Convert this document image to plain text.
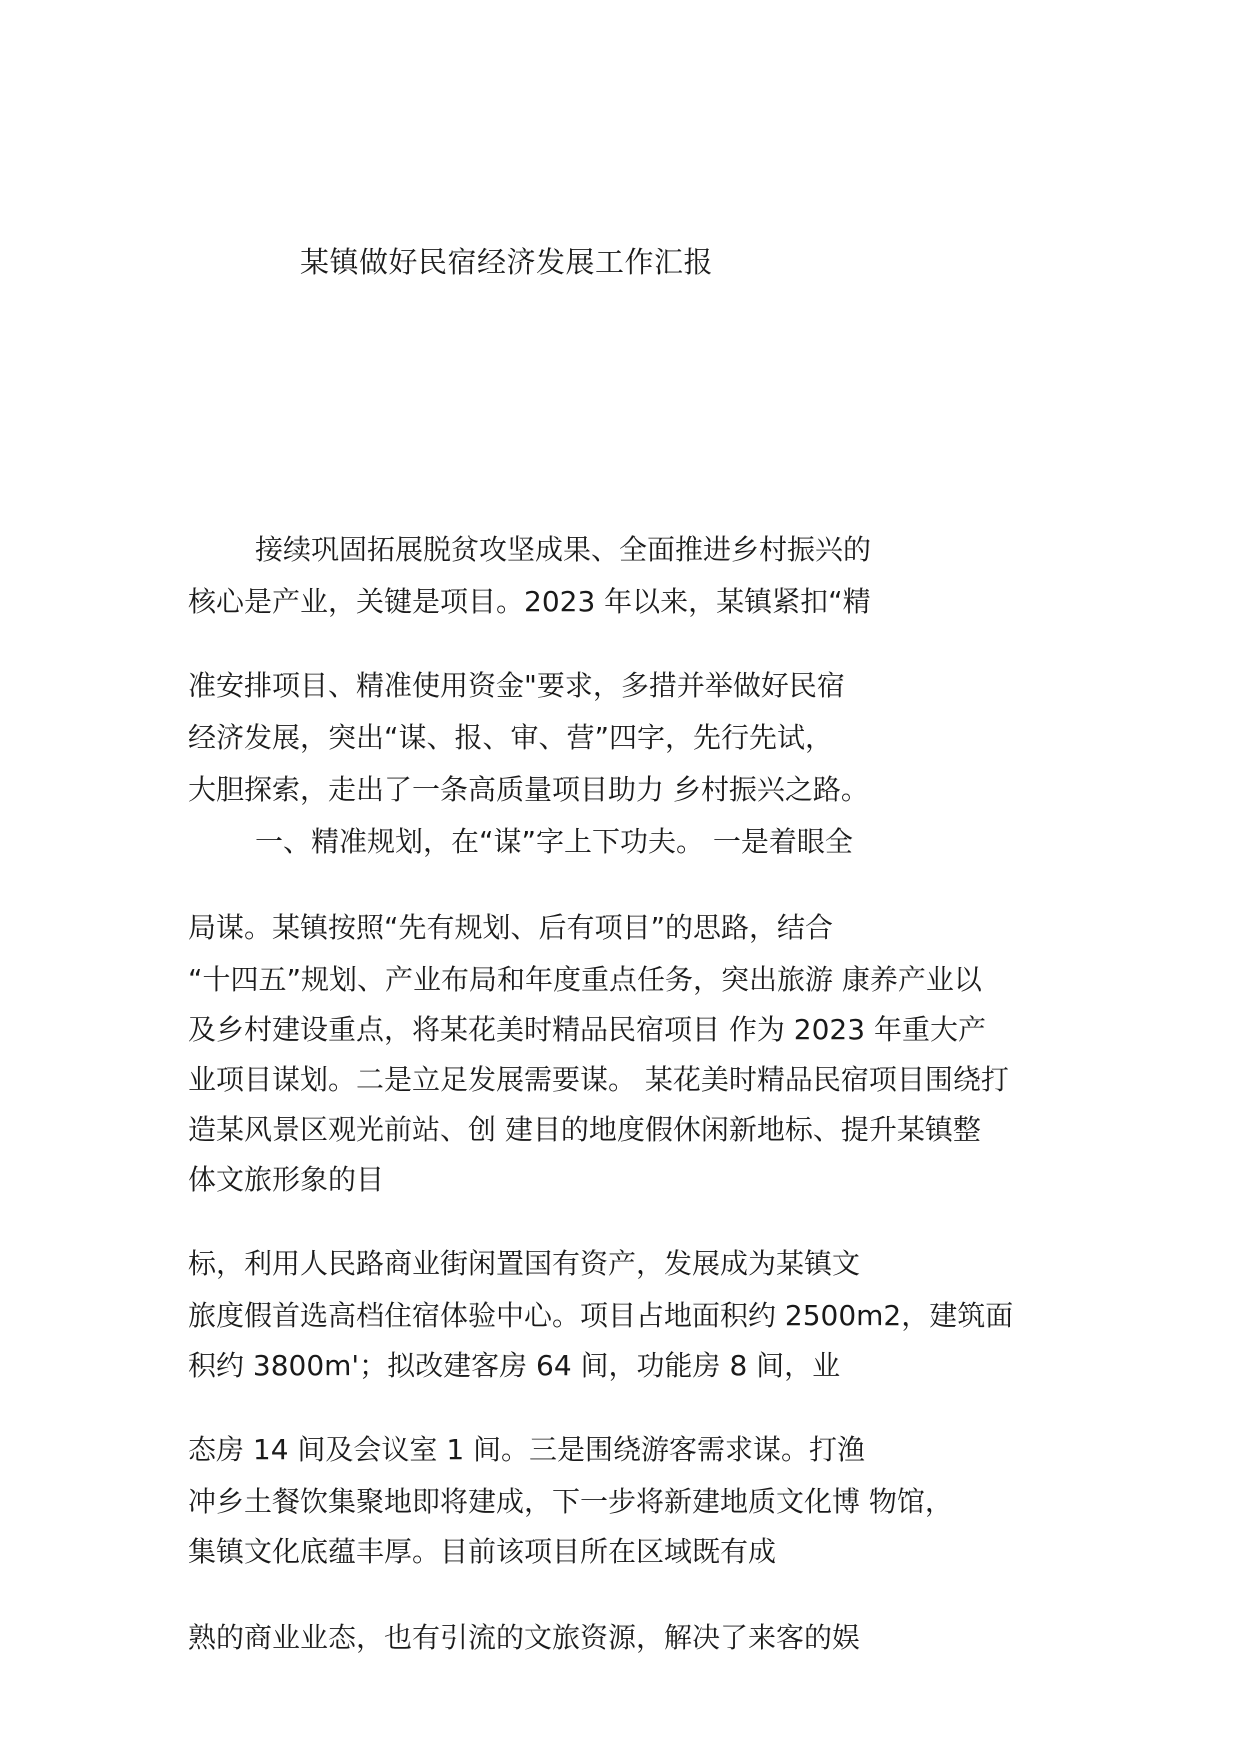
某镇做好民宿经济发展工作汇报
接续巩固拓展脱贫攻坚成果、全面推进乡村振兴的
核心是产业，关键是项目。2023 年以来，某镇紧扣“精
准安排项目、精准使用资金"要求，多措并举做好民宿
经济发展，突出“谋、报、审、营”四字，先行先试，
大胆探索，走出了一条高质量项目助力 乡村振兴之路。
一、精准规划，在“谋”字上下功夫。 一是着眼全
局谋。某镇按照“先有规划、后有项目”的思路，结合
“十四五”规划、产业布局和年度重点任务，突出旅游 康养产业以
及乡村建设重点，将某花美时精品民宿项目 作为 2023 年重大产
业项目谋划。二是立足发展需要谋。 某花美时精品民宿项目围绕打
造某风景区观光前站、创 建目的地度假休闲新地标、提升某镇整
体文旅形象的目
标，利用人民路商业街闲置国有资产，发展成为某镇文
旅度假首选高档住宿体验中心。项目占地面积约 2500m2，建筑面
积约 3800m'；拟改建客房 64 间，功能房 8 间，业
态房 14 间及会议室 1 间。三是围绕游客需求谋。打渔
冲乡土餐饮集聚地即将建成，下一步将新建地质文化博 物馆，
集镇文化底蕴丰厚。目前该项目所在区域既有成
熟的商业业态，也有引流的文旅资源，解决了来客的娱
